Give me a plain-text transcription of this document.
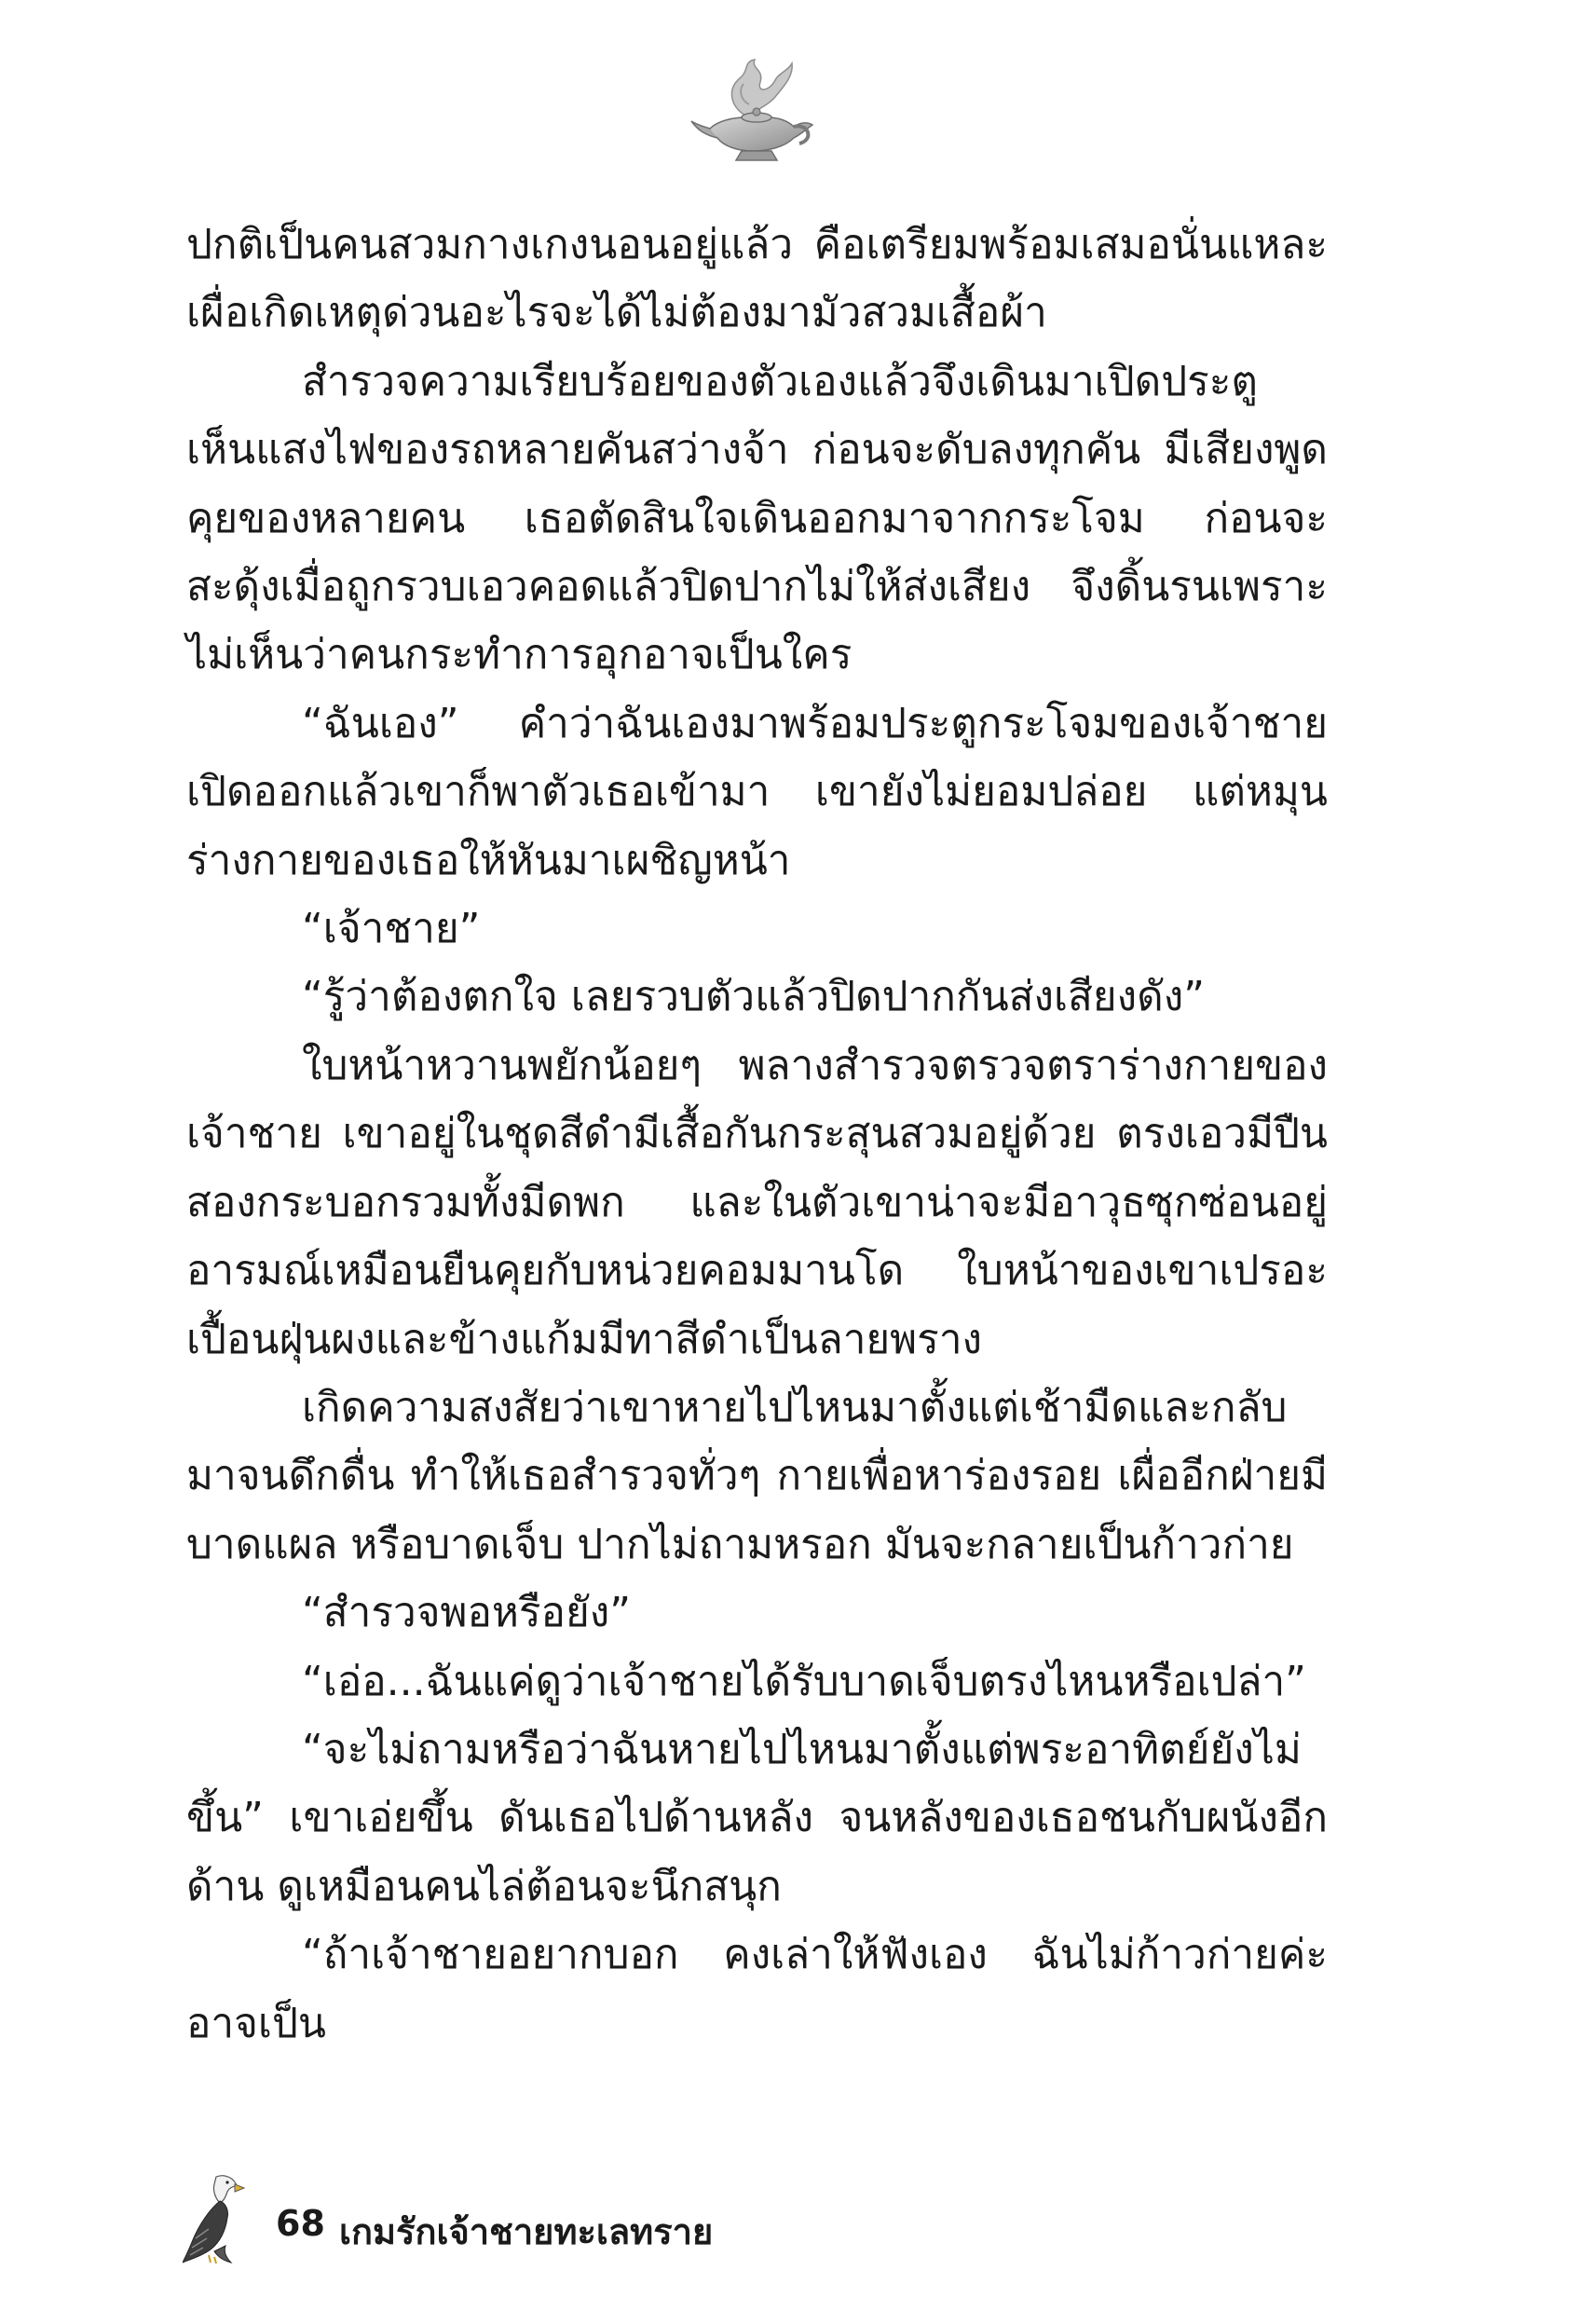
ปกติเป็นคนสวมกางเกงนอนอยู่แล้ว คือเตรียมพร้อมเสมอนั่นแหละ เผื่อเกิดเหตุด่วนอะไรจะได้ไม่ต้องมามัวสวมเสื้อผ้า

สำรวจความเรียบร้อยของตัวเองแล้วจึงเดินมาเปิดประตู เห็นแสงไฟของรถหลายคันสว่างจ้า ก่อนจะดับลงทุกคัน มีเสียงพูดคุยของหลายคน เธอตัดสินใจเดินออกมาจากกระโจม ก่อนจะสะดุ้งเมื่อถูกรวบเอวคอดแล้วปิดปากไม่ให้ส่งเสียง จึงดิ้นรนเพราะไม่เห็นว่าคนกระทำการอุกอาจเป็นใคร

“ฉันเอง” คำว่าฉันเองมาพร้อมประตูกระโจมของเจ้าชายเปิดออกแล้วเขาก็พาตัวเธอเข้ามา เขายังไม่ยอมปล่อย แต่หมุนร่างกายของเธอให้หันมาเผชิญหน้า

“เจ้าชาย”

“รู้ว่าต้องตกใจ เลยรวบตัวแล้วปิดปากกันส่งเสียงดัง”

ใบหน้าหวานพยักน้อยๆ พลางสำรวจตรวจตราร่างกายของเจ้าชาย เขาอยู่ในชุดสีดำมีเสื้อกันกระสุนสวมอยู่ด้วย ตรงเอวมีปืนสองกระบอกรวมทั้งมีดพก และในตัวเขาน่าจะมีอาวุธซุกซ่อนอยู่ อารมณ์เหมือนยืนคุยกับหน่วยคอมมานโด ใบหน้าของเขาเปรอะเปื้อนฝุ่นผงและข้างแก้มมีทาสีดำเป็นลายพราง

เกิดความสงสัยว่าเขาหายไปไหนมาตั้งแต่เช้ามืดและกลับมาจนดึกดื่น ทำให้เธอสำรวจทั่วๆ กายเพื่อหาร่องรอย เผื่ออีกฝ่ายมีบาดแผล หรือบาดเจ็บ ปากไม่ถามหรอก มันจะกลายเป็นก้าวก่าย

“สำรวจพอหรือยัง”

“เอ่อ...ฉันแค่ดูว่าเจ้าชายได้รับบาดเจ็บตรงไหนหรือเปล่า”

“จะไม่ถามหรือว่าฉันหายไปไหนมาตั้งแต่พระอาทิตย์ยังไม่ขึ้น” เขาเอ่ยขึ้น ดันเธอไปด้านหลัง จนหลังของเธอชนกับผนังอีกด้าน ดูเหมือนคนไล่ต้อนจะนึกสนุก

“ถ้าเจ้าชายอยากบอก คงเล่าให้ฟังเอง ฉันไม่ก้าวก่ายค่ะ อาจเป็น

68 เกมรักเจ้าชายทะเลทราย
